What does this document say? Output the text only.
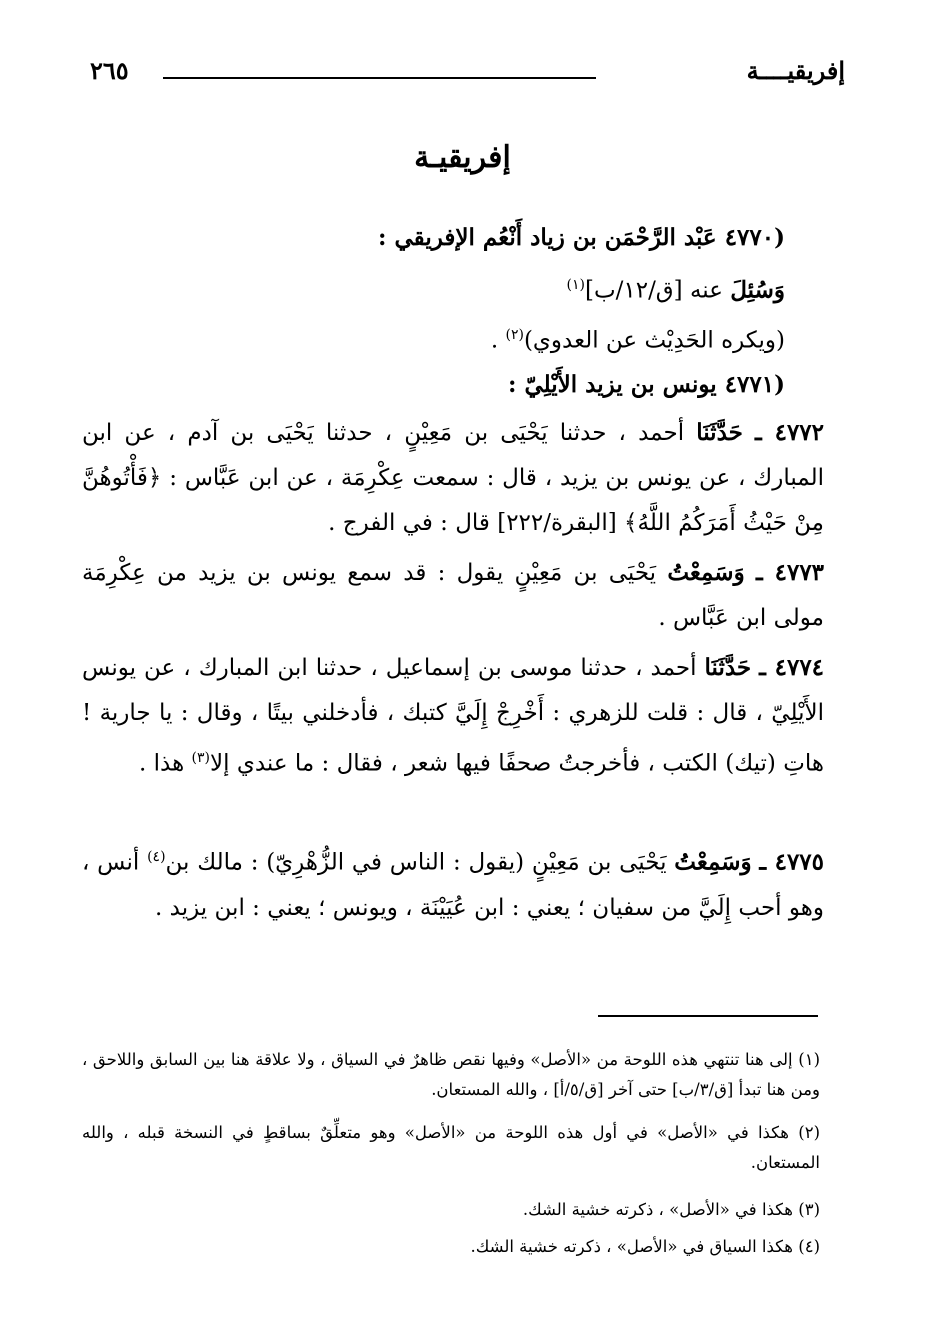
إفريقيــــة
٢٦٥
إفريقيـة
(٤٧٧٠ عَبْد الرَّحْمَن بن زياد أَنْعُم الإفريقي :
وَسُئِلَ عنه [ق/١٢/ب]$^{(١)}$
(ويكره الحَدِيْث عن العدوي)$^{(٢)}$ .
(٤٧٧١ يونس بن يزيد الأَيْلِيّ :
٤٧٧٢ ـ حَدَّثَنَا أحمد ، حدثنا يَحْيَى بن مَعِيْنٍ ، حدثنا يَحْيَى بن آدم ، عن ابن المبارك ، عن يونس بن يزيد ، قال : سمعت عِكْرِمَة ، عن ابن عَبَّاس : ﴿فَأْتُوهُنَّ مِنْ حَيْثُ أَمَرَكُمُ اللَّهُ﴾ [البقرة/٢٢٢] قال : في الفرج .
٤٧٧٣ ـ وَسَمِعْتُ يَحْيَى بن مَعِيْنٍ يقول : قد سمع يونس بن يزيد من عِكْرِمَة مولى ابن عَبَّاس .
٤٧٧٤ ـ حَدَّثَنَا أحمد ، حدثنا موسى بن إسماعيل ، حدثنا ابن المبارك ، عن يونس الأَيْلِيّ ، قال : قلت للزهري : أَخْرِجْ إِلَيَّ كتبك ، فأدخلني بيتًا ، وقال : يا جارية ! هاتِ (تيك) الكتب ، فأخرجتُ صحفًا فيها شعر ، فقال : ما عندي إلا$^{(٣)}$ هذا .
٤٧٧٥ ـ وَسَمِعْتُ يَحْيَى بن مَعِيْنٍ (يقول : الناس في الزُّهْرِيّ) : مالك بن$^{(٤)}$ أنس ، وهو أحب إِلَيَّ من سفيان ؛ يعني : ابن عُيَيْنَة ، ويونس ؛ يعني : ابن يزيد .
(١) إلى هنا تنتهي هذه اللوحة من «الأصل» وفيها نقص ظاهرٌ في السياق ، ولا علاقة هنا بين السابق واللاحق ، ومن هنا تبدأ [ق/٣/ب] حتى آخر [ق/٥/أ] ، والله المستعان.
(٢) هكذا في «الأصل» في أول هذه اللوحة من «الأصل» وهو متعلِّقٌ بساقطٍ في النسخة قبله ، والله المستعان.
(٣) هكذا في «الأصل» ، ذكرته خشية الشك.
(٤) هكذا السياق في «الأصل» ، ذكرته خشية الشك.
